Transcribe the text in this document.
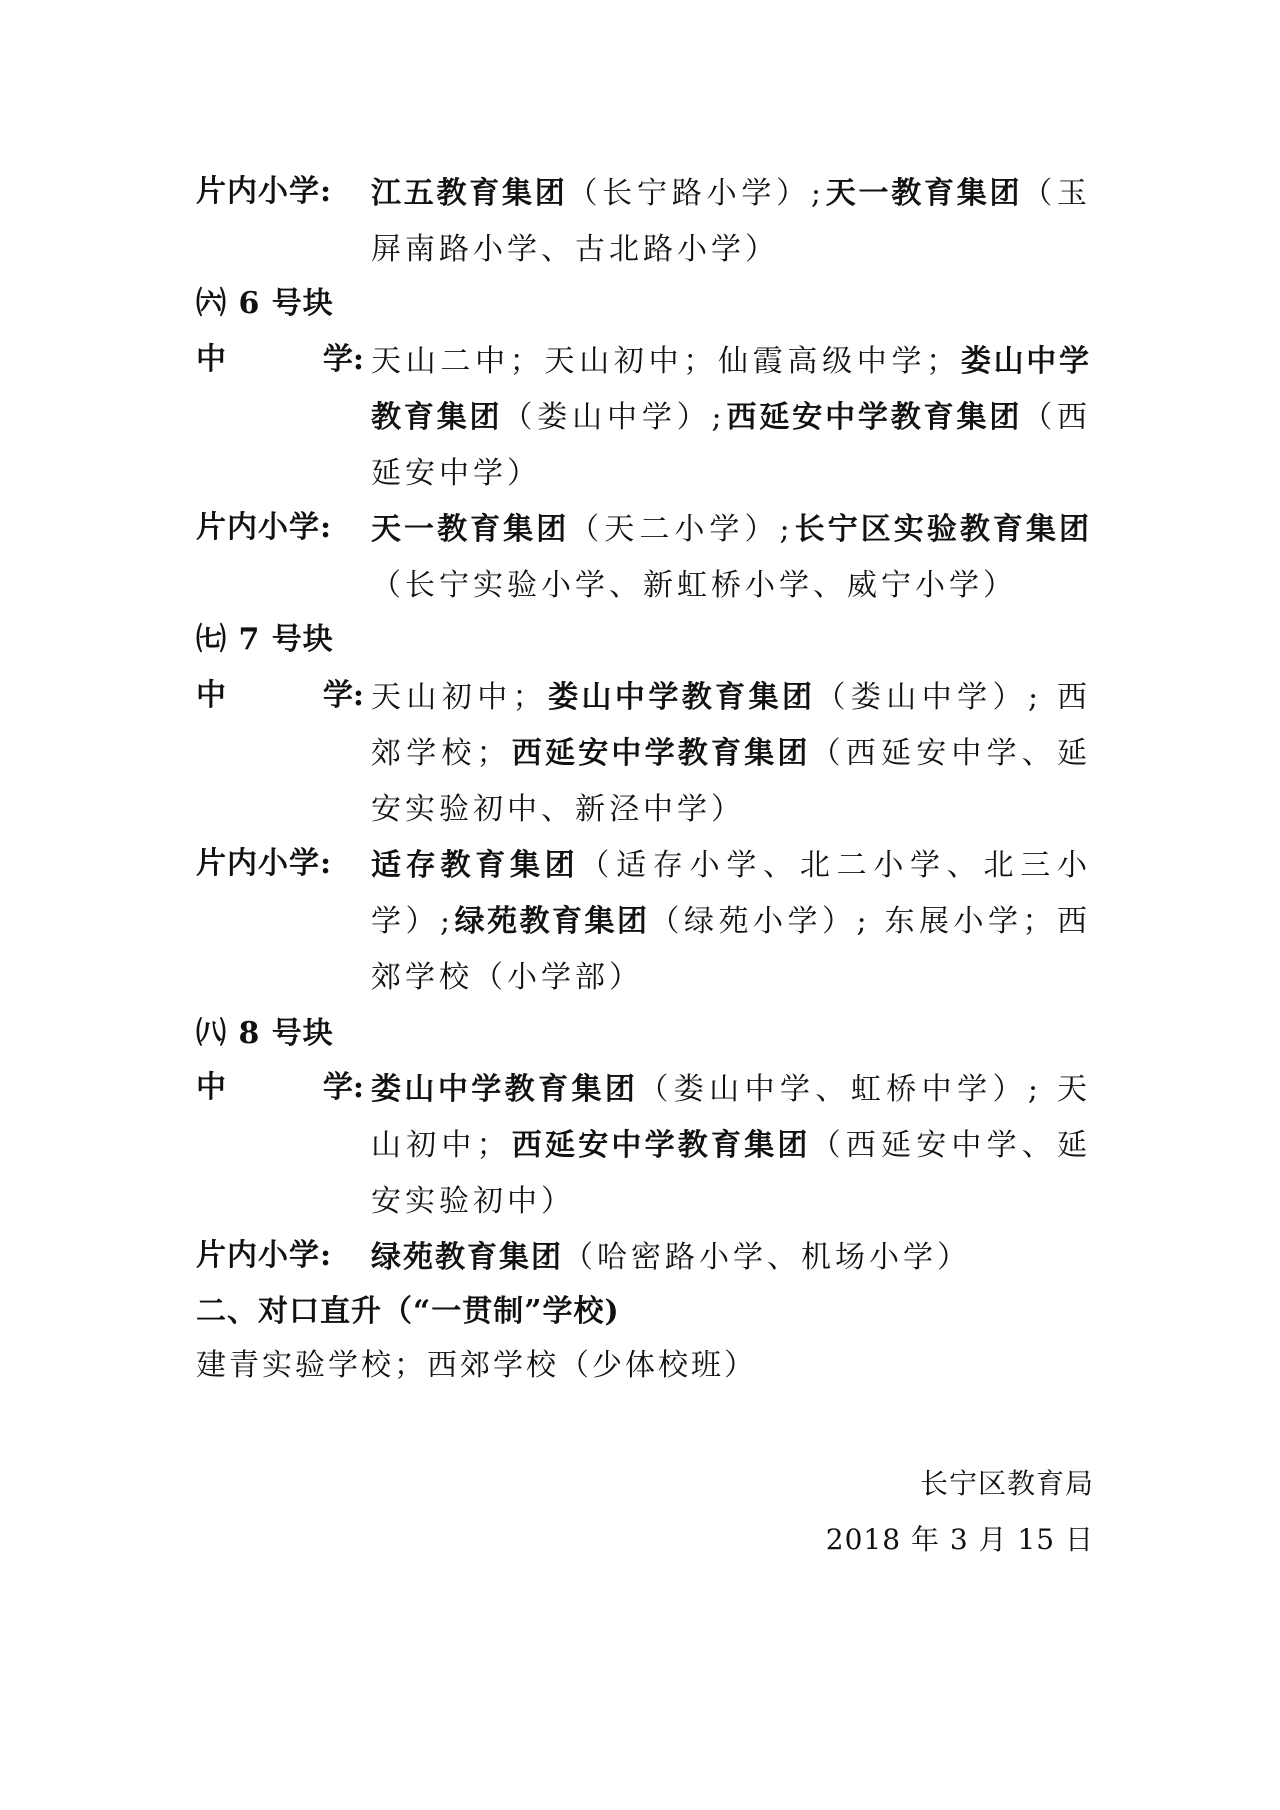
片内小学: 江五教育集团（长宁路小学）;天一教育集团（玉屏南路小学、古北路小学）
㈥ 6 号块
中	学: 天山二中；天山初中；仙霞高级中学；娄山中学教育集团（娄山中学）;西延安中学教育集团（西延安中学）
片内小学: 天一教育集团（天二小学）;长宁区实验教育集团（长宁实验小学、新虹桥小学、威宁小学）
㈦ 7 号块
中	学: 天山初中；娄山中学教育集团（娄山中学）; 西郊学校；西延安中学教育集团（西延安中学、延安实验初中、新泾中学）
片内小学: 适存教育集团（适存小学、北二小学、北三小学）;绿苑教育集团（绿苑小学）; 东展小学；西郊学校（小学部）
㈧ 8 号块
中	学: 娄山中学教育集团（娄山中学、虹桥中学）; 天山初中；西延安中学教育集团（西延安中学、延安实验初中）
片内小学: 绿苑教育集团（哈密路小学、机场小学）
二、对口直升（“一贯制”学校)
建青实验学校；西郊学校（少体校班）
长宁区教育局
2018 年 3 月 15 日
